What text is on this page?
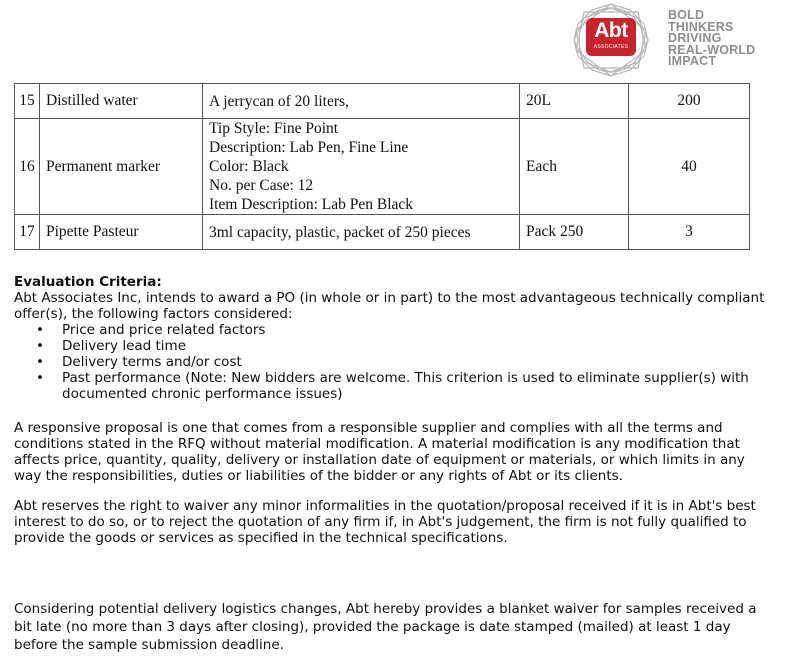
Abt
ASSOCIATES
BOLD
THINKERS
DRIVING
REAL-WORLD
IMPACT
15	Distilled water	A jerrycan of 20 liters,	20L	200
16	Permanent marker	Tip Style: Fine Point
Description: Lab Pen, Fine Line
Color: Black
No. per Case: 12
Item Description: Lab Pen Black	Each	40
17	Pipette Pasteur	3ml capacity, plastic, packet of 250 pieces	Pack 250	3
Evaluation Criteria:
Abt Associates Inc, intends to award a PO (in whole or in part) to the most advantageous technically compliant offer(s), the following factors considered:
• Price and price related factors
• Delivery lead time
• Delivery terms and/or cost
• Past performance (Note: New bidders are welcome. This criterion is used to eliminate supplier(s) with documented chronic performance issues)
A responsive proposal is one that comes from a responsible supplier and complies with all the terms and conditions stated in the RFQ without material modification. A material modification is any modification that affects price, quantity, quality, delivery or installation date of equipment or materials, or which limits in any way the responsibilities, duties or liabilities of the bidder or any rights of Abt or its clients.
Abt reserves the right to waiver any minor informalities in the quotation/proposal received if it is in Abt's best interest to do so, or to reject the quotation of any firm if, in Abt's judgement, the firm is not fully qualified to provide the goods or services as specified in the technical specifications.
Considering potential delivery logistics changes, Abt hereby provides a blanket waiver for samples received a bit late (no more than 3 days after closing), provided the package is date stamped (mailed) at least 1 day before the sample submission deadline.
